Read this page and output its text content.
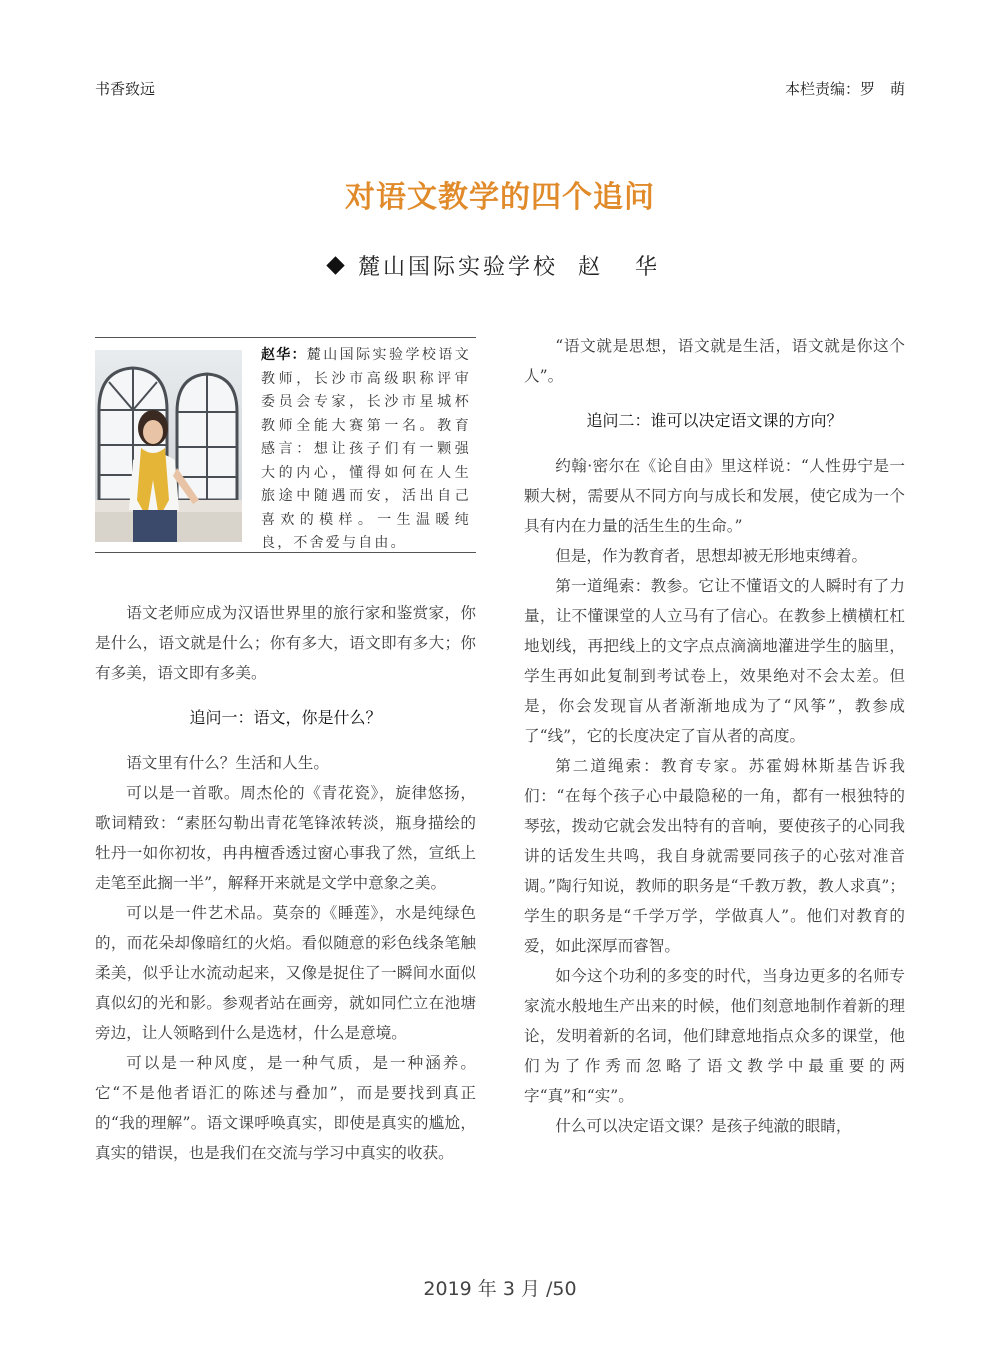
书香致远	本栏责编：罗　萌
对语文教学的四个追问
麓山国际实验学校 赵 华
赵华：麓山国际实验学校语文教师，长沙市高级职称评审委员会专家，长沙市星城杯教师全能大赛第一名。教育感言：想让孩子们有一颗强大的内心，懂得如何在人生旅途中随遇而安，活出自己喜欢的模样。一生温暖纯良，不舍爱与自由。

语文老师应成为汉语世界里的旅行家和鉴赏家，你是什么，语文就是什么；你有多大，语文即有多大；你有多美，语文即有多美。

追问一：语文，你是什么？

语文里有什么？生活和人生。

可以是一首歌。周杰伦的《青花瓷》，旋律悠扬，歌词精致：“素胚勾勒出青花笔锋浓转淡，瓶身描绘的牡丹一如你初妆，冉冉檀香透过窗心事我了然，宣纸上走笔至此搁一半”，解释开来就是文学中意象之美。

可以是一件艺术品。莫奈的《睡莲》，水是纯绿色的，而花朵却像暗红的火焰。看似随意的彩色线条笔触柔美，似乎让水流动起来，又像是捉住了一瞬间水面似真似幻的光和影。参观者站在画旁，就如同伫立在池塘旁边，让人领略到什么是选材，什么是意境。

可以是一种风度，是一种气质，是一种涵养。它“不是他者语汇的陈述与叠加”，而是要找到真正的“我的理解”。语文课呼唤真实，即使是真实的尴尬，真实的错误，也是我们在交流与学习中真实的收获。

“语文就是思想，语文就是生活，语文就是你这个人”。

追问二：谁可以决定语文课的方向？

约翰·密尔在《论自由》里这样说：“人性毋宁是一颗大树，需要从不同方向与成长和发展，使它成为一个具有内在力量的活生生的生命。”

但是，作为教育者，思想却被无形地束缚着。

第一道绳索：教参。它让不懂语文的人瞬时有了力量，让不懂课堂的人立马有了信心。在教参上横横杠杠地划线，再把线上的文字点点滴滴地灌进学生的脑里，学生再如此复制到考试卷上，效果绝对不会太差。但是，你会发现盲从者渐渐地成为了“风筝”，教参成了“线”，它的长度决定了盲从者的高度。

第二道绳索：教育专家。苏霍姆林斯基告诉我们：“在每个孩子心中最隐秘的一角，都有一根独特的琴弦，拨动它就会发出特有的音响，要使孩子的心同我讲的话发生共鸣，我自身就需要同孩子的心弦对准音调。”陶行知说，教师的职务是“千教万教，教人求真”；学生的职务是“千学万学，学做真人”。他们对教育的爱，如此深厚而睿智。

如今这个功利的多变的时代，当身边更多的名师专家流水般地生产出来的时候，他们刻意地制作着新的理论，发明着新的名词，他们肆意地指点众多的课堂，他们为了作秀而忽略了语文教学中最重要的两字“真”和“实”。

什么可以决定语文课？是孩子纯澈的眼睛，

2019 年 3 月 /50
